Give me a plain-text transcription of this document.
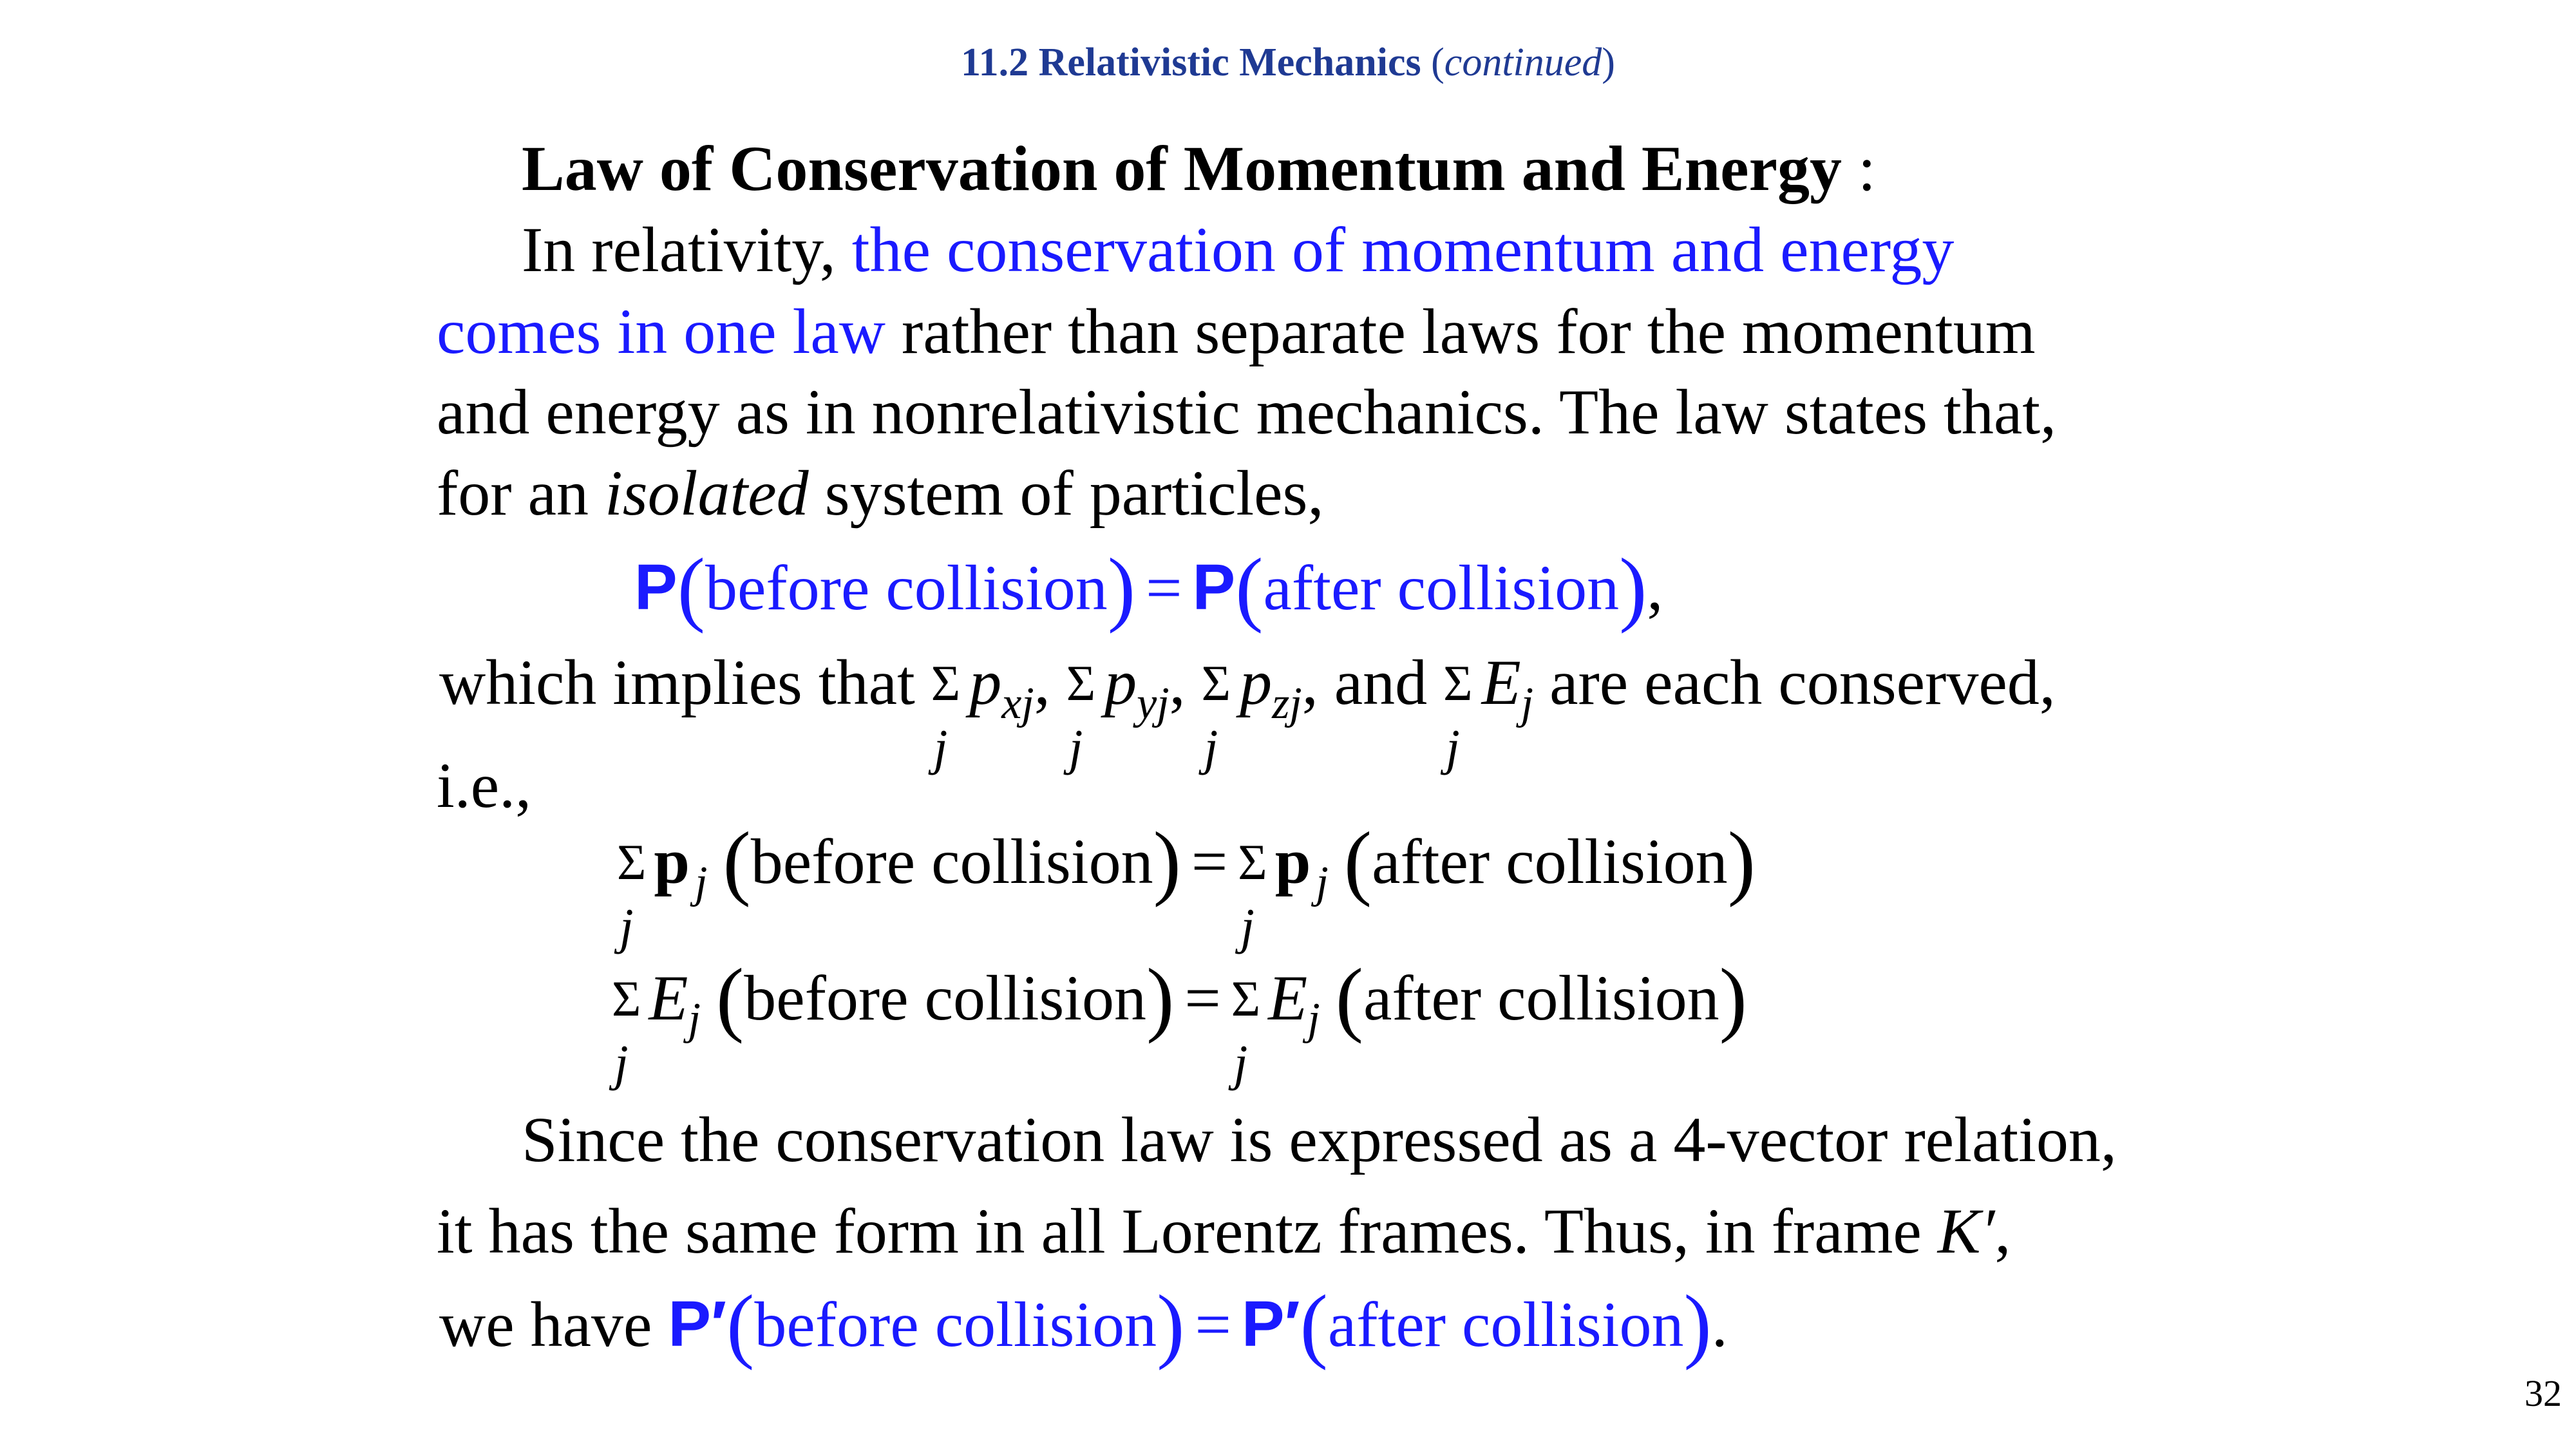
11.2 Relativistic Mechanics (continued)
Law of Conservation of Momentum and Energy :
In relativity, the conservation of momentum and energy
comes in one law rather than separate laws for the momentum
and energy as in nonrelativistic mechanics. The law states that,
for an isolated system of particles,
P(before collision) = P(after collision),
which implies that Σ
j
$p_{xj}$, Σ
j
$p_{yj}$, Σ
j
$p_{zj}$, and Σ
j
$E_j$ are each conserved,
i.e.,
Σ
j
p $_j$ (before collision) = Σ
j
p $_j$ (after collision)
Σ
j
$E_j$ (before collision) = Σ
j
$E_j$ (after collision)
Since the conservation law is expressed as a 4-vector relation,
it has the same form in all Lorentz frames. Thus, in frame K′,
we have P′(before collision) = P′(after collision).
32
